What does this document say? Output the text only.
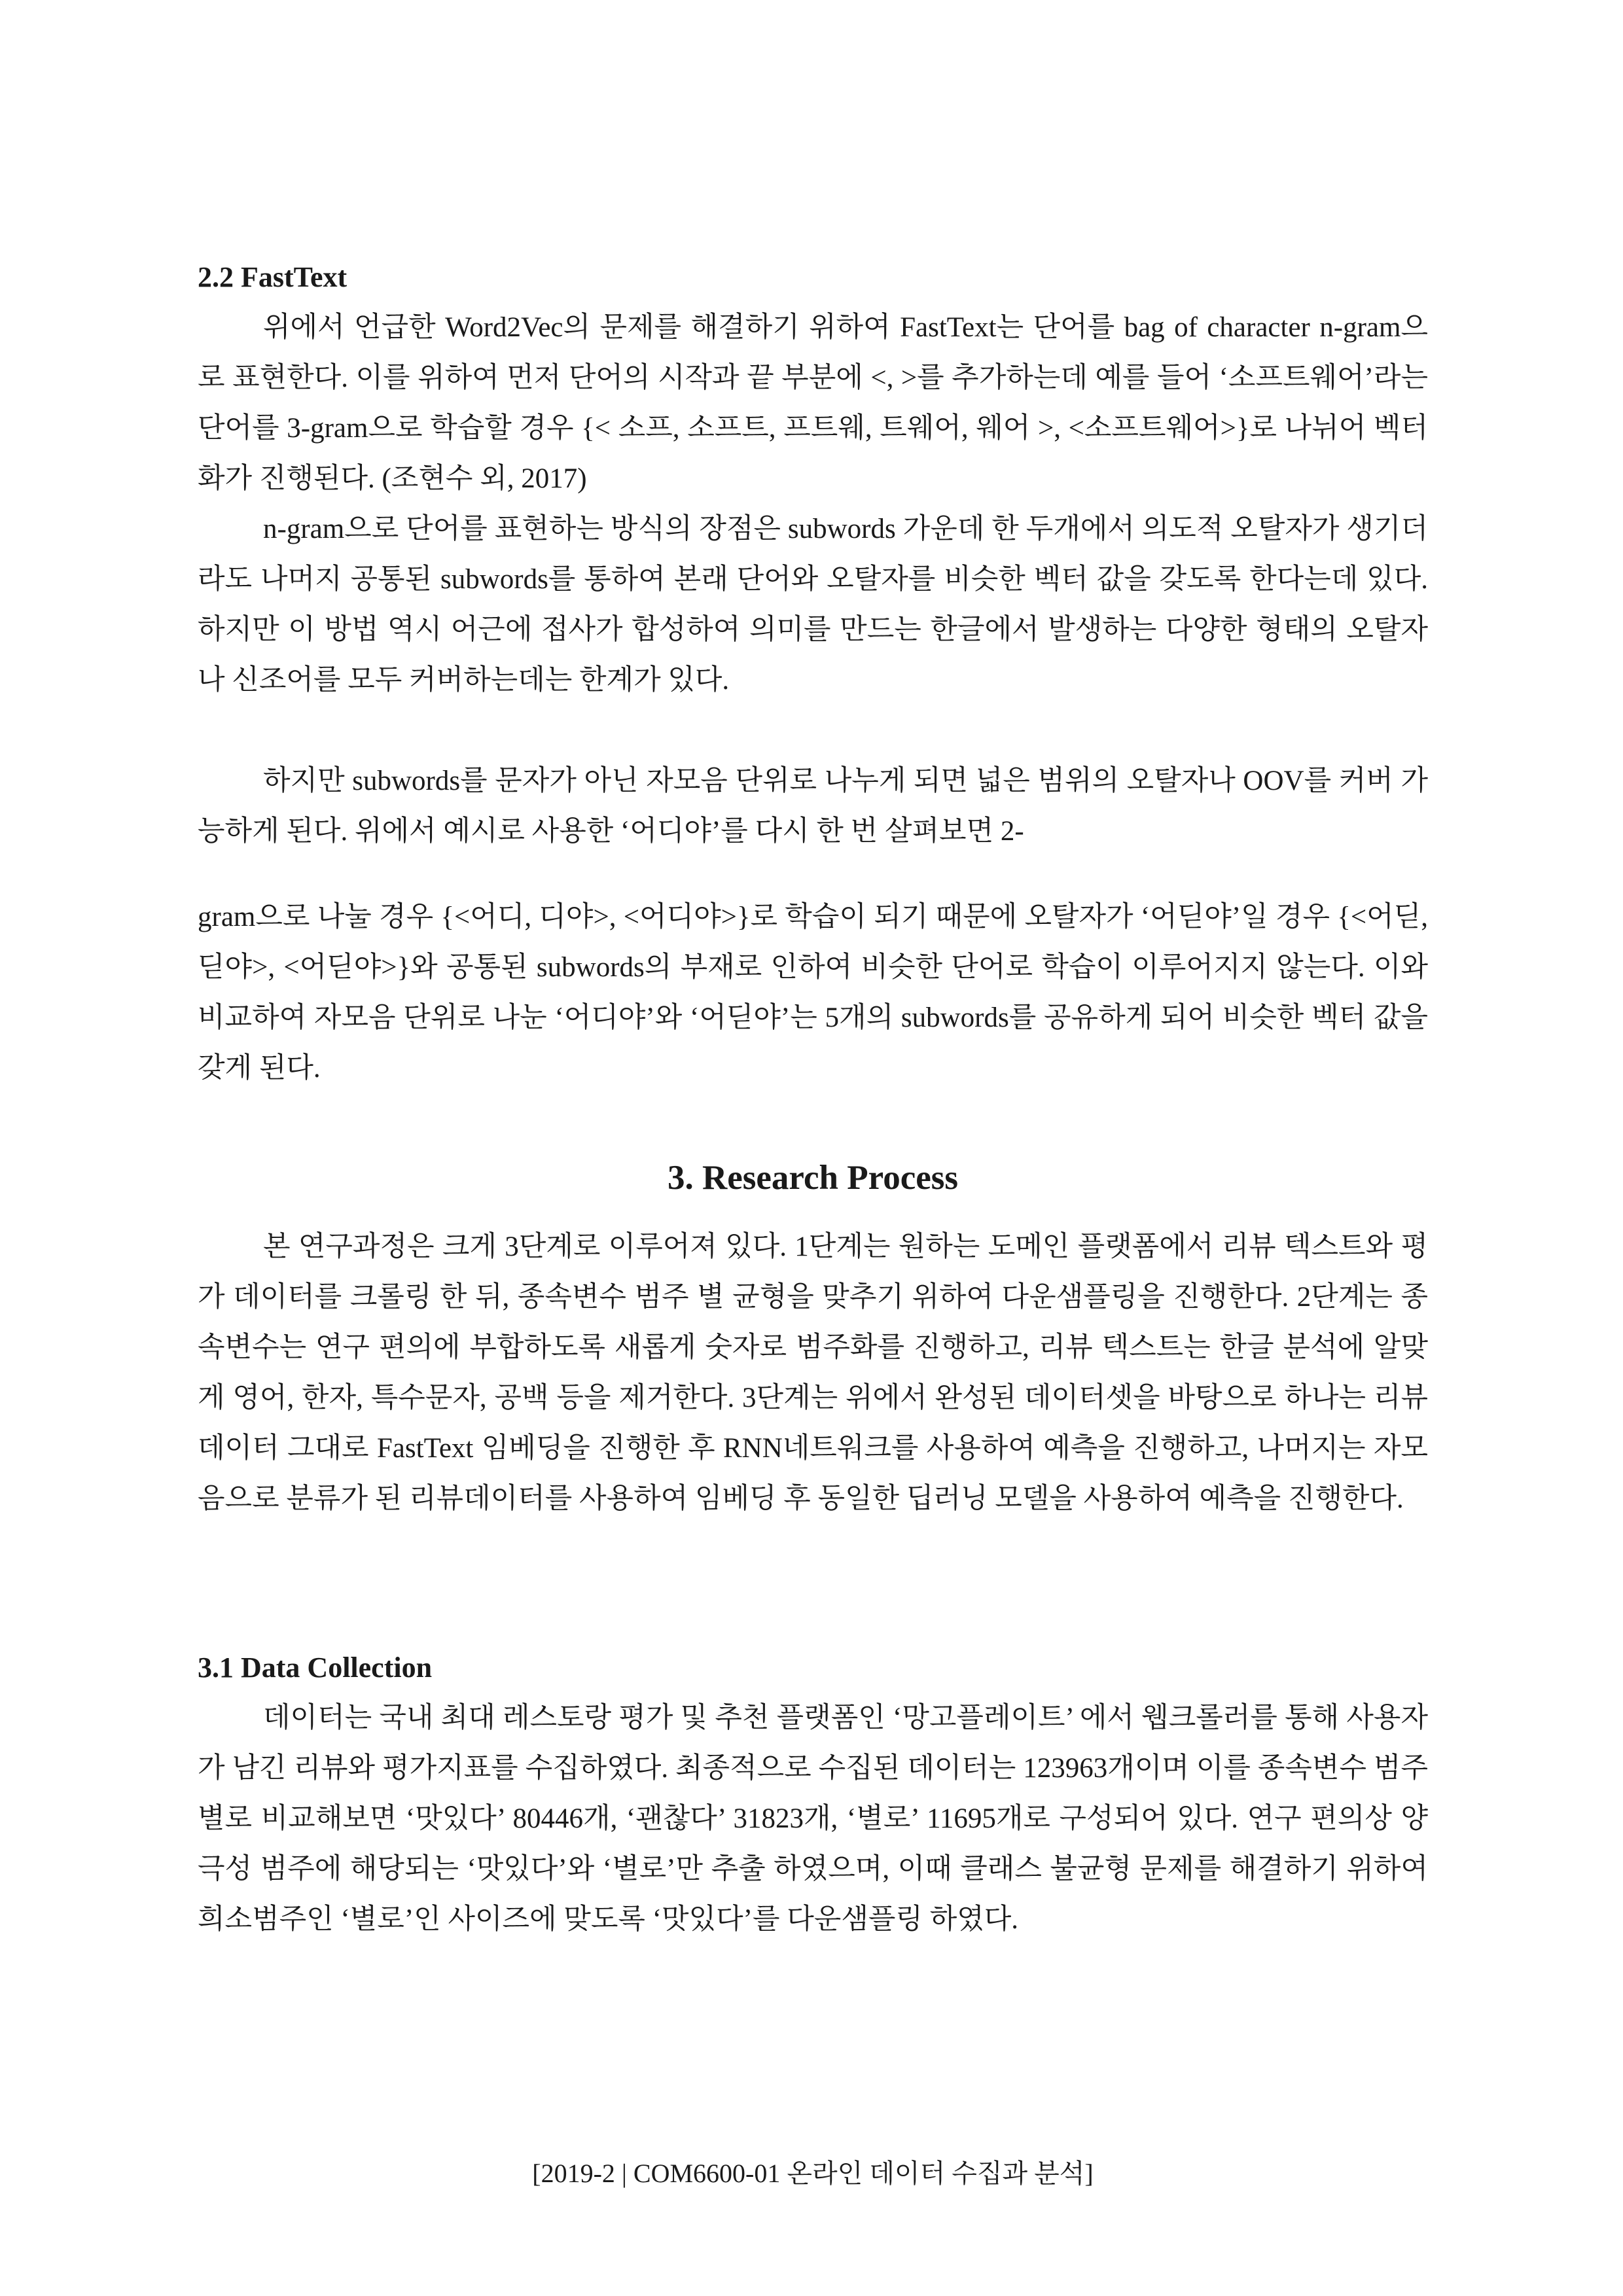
2.2 FastText

위에서 언급한 Word2Vec의 문제를 해결하기 위하여 FastText는 단어를 bag of character n-gram으로 표현한다. 이를 위하여 먼저 단어의 시작과 끝 부분에 <, >를 추가하는데 예를 들어 ‘소프트웨어’라는 단어를 3-gram으로 학습할 경우 {< 소프, 소프트, 프트웨, 트웨어, 웨어 >, <소프트웨어>}로 나뉘어 벡터화가 진행된다. (조현수 외, 2017)

n-gram으로 단어를 표현하는 방식의 장점은 subwords 가운데 한 두개에서 의도적 오탈자가 생기더라도 나머지 공통된 subwords를 통하여 본래 단어와 오탈자를 비슷한 벡터 값을 갖도록 한다는데 있다. 하지만 이 방법 역시 어근에 접사가 합성하여 의미를 만드는 한글에서 발생하는 다양한 형태의 오탈자나 신조어를 모두 커버하는데는 한계가 있다.

하지만 subwords를 문자가 아닌 자모음 단위로 나누게 되면 넓은 범위의 오탈자나 OOV를 커버 가능하게 된다. 위에서 예시로 사용한 ‘어디야’를 다시 한 번 살펴보면 2-

gram으로 나눌 경우 {<어디, 디야>, <어디야>}로 학습이 되기 때문에 오탈자가 ‘어딛야’일 경우 {<어딛, 딛야>, <어딛야>}와 공통된 subwords의 부재로 인하여 비슷한 단어로 학습이 이루어지지 않는다. 이와 비교하여 자모음 단위로 나눈 ‘어디야’와 ‘어딛야’는 5개의 subwords를 공유하게 되어 비슷한 벡터 값을 갖게 된다.

3. Research Process

본 연구과정은 크게 3단계로 이루어져 있다. 1단계는 원하는 도메인 플랫폼에서 리뷰 텍스트와 평가 데이터를 크롤링 한 뒤, 종속변수 범주 별 균형을 맞추기 위하여 다운샘플링을 진행한다. 2단계는 종속변수는 연구 편의에 부합하도록 새롭게 숫자로 범주화를 진행하고, 리뷰 텍스트는 한글 분석에 알맞게 영어, 한자, 특수문자, 공백 등을 제거한다. 3단계는 위에서 완성된 데이터셋을 바탕으로 하나는 리뷰 데이터 그대로 FastText 임베딩을 진행한 후 RNN네트워크를 사용하여 예측을 진행하고, 나머지는 자모음으로 분류가 된 리뷰데이터를 사용하여 임베딩 후 동일한 딥러닝 모델을 사용하여 예측을 진행한다.

3.1 Data Collection

데이터는 국내 최대 레스토랑 평가 및 추천 플랫폼인 ‘망고플레이트’ 에서 웹크롤러를 통해 사용자가 남긴 리뷰와 평가지표를 수집하였다. 최종적으로 수집된 데이터는 123963개이며 이를 종속변수 범주별로 비교해보면 ‘맛있다’ 80446개, ‘괜찮다’ 31823개, ‘별로’ 11695개로 구성되어 있다. 연구 편의상 양 극성 범주에 해당되는 ‘맛있다’와 ‘별로’만 추출 하였으며, 이때 클래스 불균형 문제를 해결하기 위하여 희소범주인 ‘별로’인 사이즈에 맞도록 ‘맛있다’를 다운샘플링 하였다.

[2019-2 | COM6600-01 온라인 데이터 수집과 분석]
